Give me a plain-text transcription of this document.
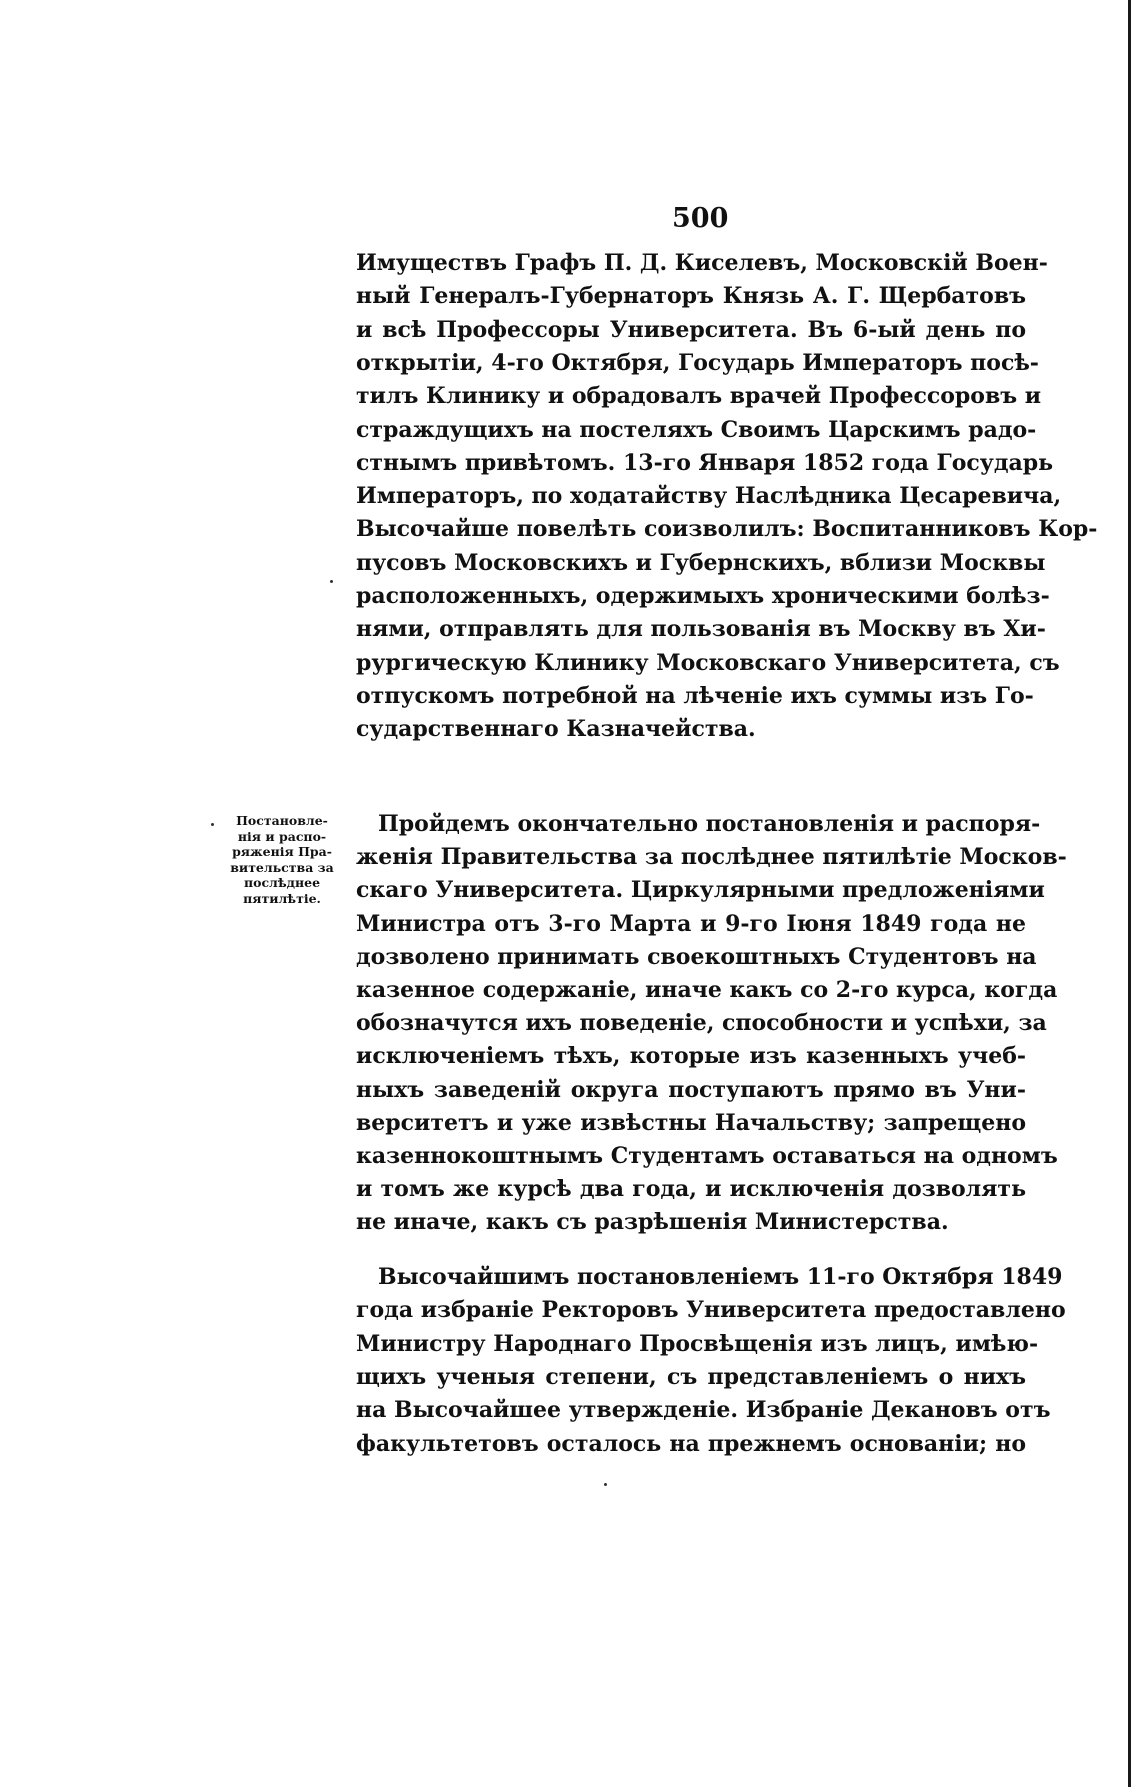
500
Имуществъ Графъ П. Д. Киселевъ, Московскій Воен-
ный Генералъ-Губернаторъ Князь А. Г. Щербатовъ
и всѣ Профессоры Университета. Въ 6-ый день по
открытіи, 4-го Октября, Государь Императоръ посѣ-
тилъ Клинику и обрадовалъ врачей Профессоровъ и
страждущихъ на постеляхъ Своимъ Царскимъ радо-
стнымъ привѣтомъ. 13-го Января 1852 года Государь
Императоръ, по ходатайству Наслѣдника Цесаревича,
Высочайше повелѣть соизволилъ: Воспитанниковъ Кор-
пусовъ Московскихъ и Губернскихъ, вблизи Москвы
расположенныхъ, одержимыхъ хроническими болѣз-
нями, отправлять для пользованія въ Москву въ Хи-
рургическую Клинику Московскаго Университета, съ
отпускомъ потребной на лѣченіе ихъ суммы изъ Го-
сударственнаго Казначейства.
Пройдемъ окончательно постановленія и распоря-
женія Правительства за послѣднее пятилѣтіе Москов-
скаго Университета. Циркулярными предложеніями
Министра отъ 3-го Марта и 9-го Іюня 1849 года не
дозволено принимать своекоштныхъ Студентовъ на
казенное содержаніе, иначе какъ со 2-го курса, когда
обозначутся ихъ поведеніе, способности и успѣхи, за
исключеніемъ тѣхъ, которые изъ казенныхъ учеб-
ныхъ заведеній округа поступаютъ прямо въ Уни-
верситетъ и уже извѣстны Начальству; запрещено
казеннокоштнымъ Студентамъ оставаться на одномъ
и томъ же курсѣ два года, и исключенія дозволять
не иначе, какъ съ разрѣшенія Министерства.
Высочайшимъ постановленіемъ 11-го Октября 1849
года избраніе Ректоровъ Университета предоставлено
Министру Народнаго Просвѣщенія изъ лицъ, имѣю-
щихъ ученыя степени, съ представленіемъ о нихъ
на Высочайшее утвержденіе. Избраніе Декановъ отъ
факультетовъ осталось на прежнемъ основаніи; но
Постановле-
нія и распо-
ряженія Пра-
вительства за
послѣднее
пятилѣтіе.
